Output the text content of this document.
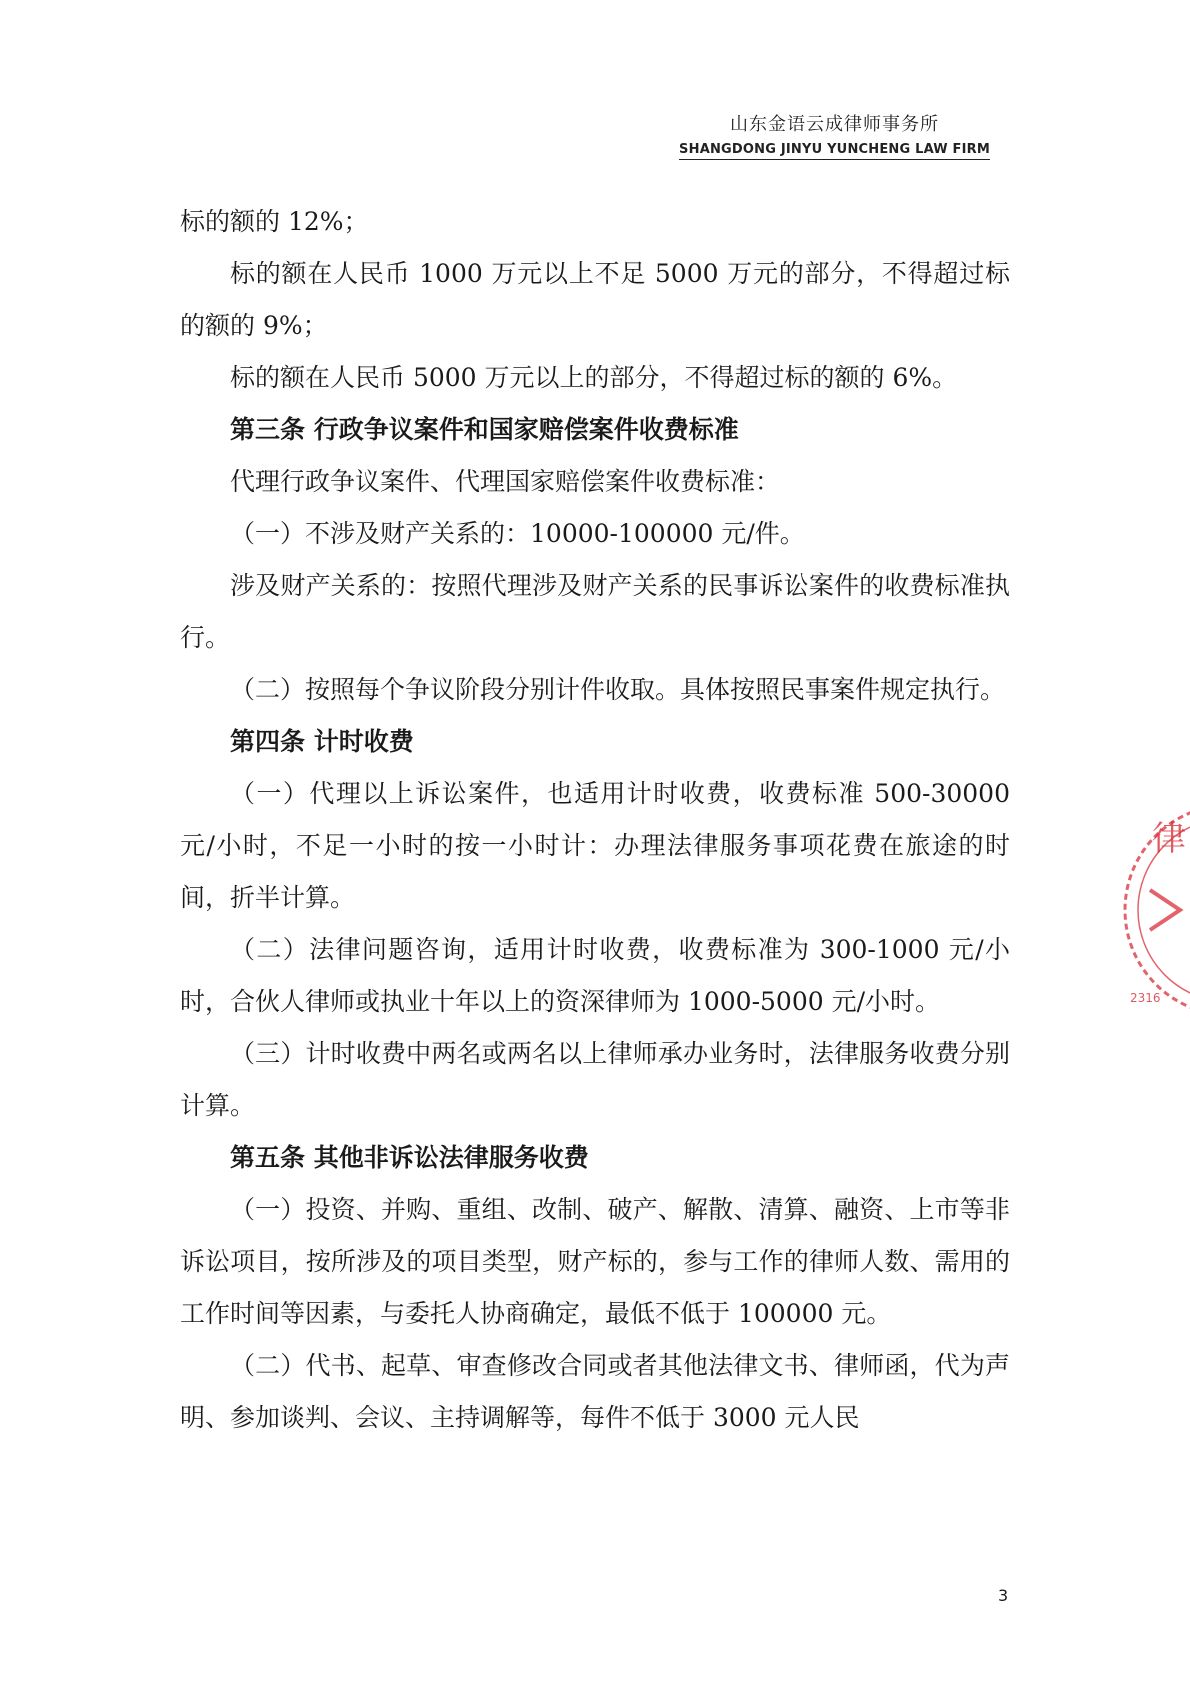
山东金语云成律师事务所
SHANGDONG JINYU YUNCHENG LAW FIRM

标的额的 12%；

标的额在人民币 1000 万元以上不足 5000 万元的部分，不得超过标的额的 9%；

标的额在人民币 5000 万元以上的部分，不得超过标的额的 6%。

第三条 行政争议案件和国家赔偿案件收费标准

代理行政争议案件、代理国家赔偿案件收费标准：

（一）不涉及财产关系的：10000-100000 元/件。

涉及财产关系的：按照代理涉及财产关系的民事诉讼案件的收费标准执行。

（二）按照每个争议阶段分别计件收取。具体按照民事案件规定执行。

第四条 计时收费

（一）代理以上诉讼案件，也适用计时收费，收费标准 500-30000 元/小时，不足一小时的按一小时计：办理法律服务事项花费在旅途的时间，折半计算。

（二）法律问题咨询，适用计时收费，收费标准为 300-1000 元/小时，合伙人律师或执业十年以上的资深律师为 1000-5000 元/小时。

（三）计时收费中两名或两名以上律师承办业务时，法律服务收费分别计算。

第五条 其他非诉讼法律服务收费

（一）投资、并购、重组、改制、破产、解散、清算、融资、上市等非诉讼项目，按所涉及的项目类型，财产标的，参与工作的律师人数、需用的工作时间等因素，与委托人协商确定，最低不低于 100000 元。

（二）代书、起草、审查修改合同或者其他法律文书、律师函，代为声明、参加谈判、会议、主持调解等，每件不低于 3000 元人民

3
律
2316
